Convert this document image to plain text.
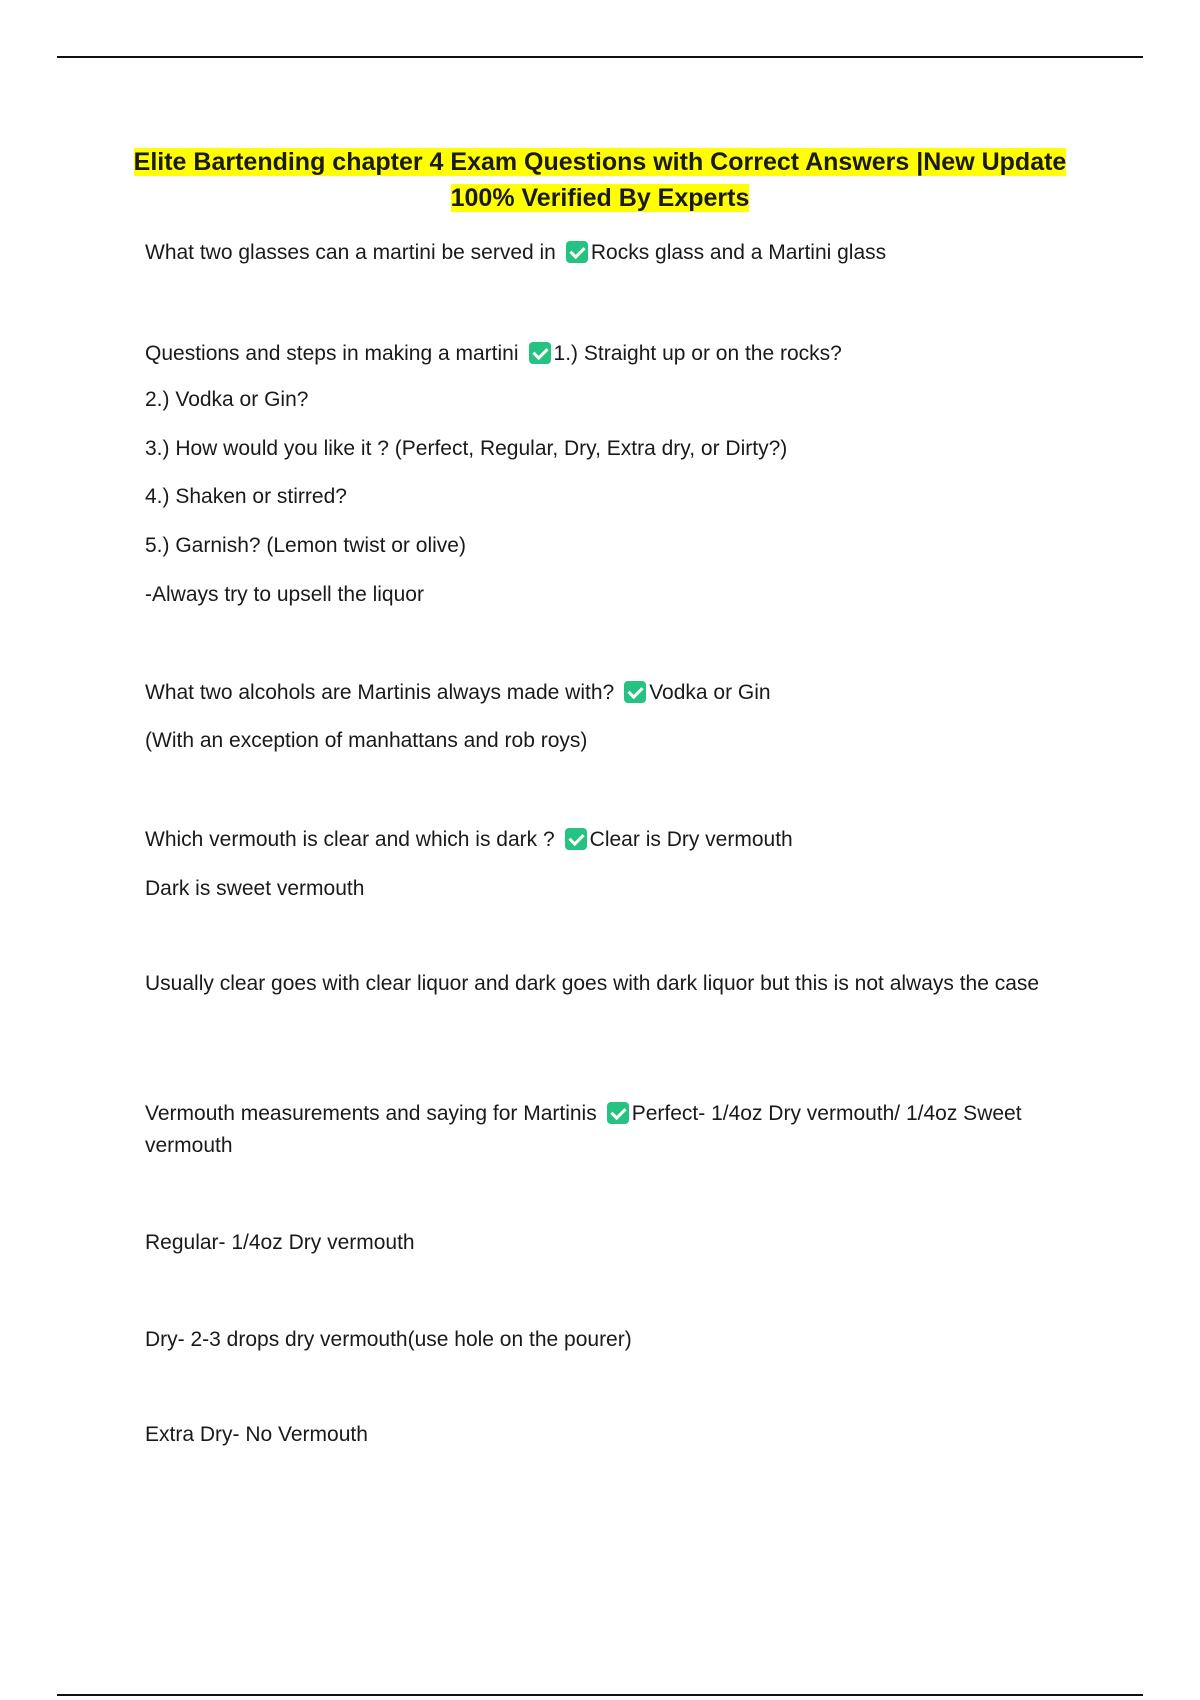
Elite Bartending chapter 4 Exam Questions with Correct Answers |New Update
100% Verified By Experts
What two glasses can a martini be served in Rocks glass and a Martini glass
Questions and steps in making a martini 1.) Straight up or on the rocks?
2.) Vodka or Gin?
3.) How would you like it ? (Perfect, Regular, Dry, Extra dry, or Dirty?)
4.) Shaken or stirred?
5.) Garnish? (Lemon twist or olive)
-Always try to upsell the liquor
What two alcohols are Martinis always made with? Vodka or Gin
(With an exception of manhattans and rob roys)
Which vermouth is clear and which is dark ? Clear is Dry vermouth
Dark is sweet vermouth
Usually clear goes with clear liquor and dark goes with dark liquor but this is not always the case
Vermouth measurements and saying for Martinis Perfect- 1/4oz Dry vermouth/ 1/4oz Sweet vermouth
Regular- 1/4oz Dry vermouth
Dry- 2-3 drops dry vermouth(use hole on the pourer)
Extra Dry- No Vermouth
